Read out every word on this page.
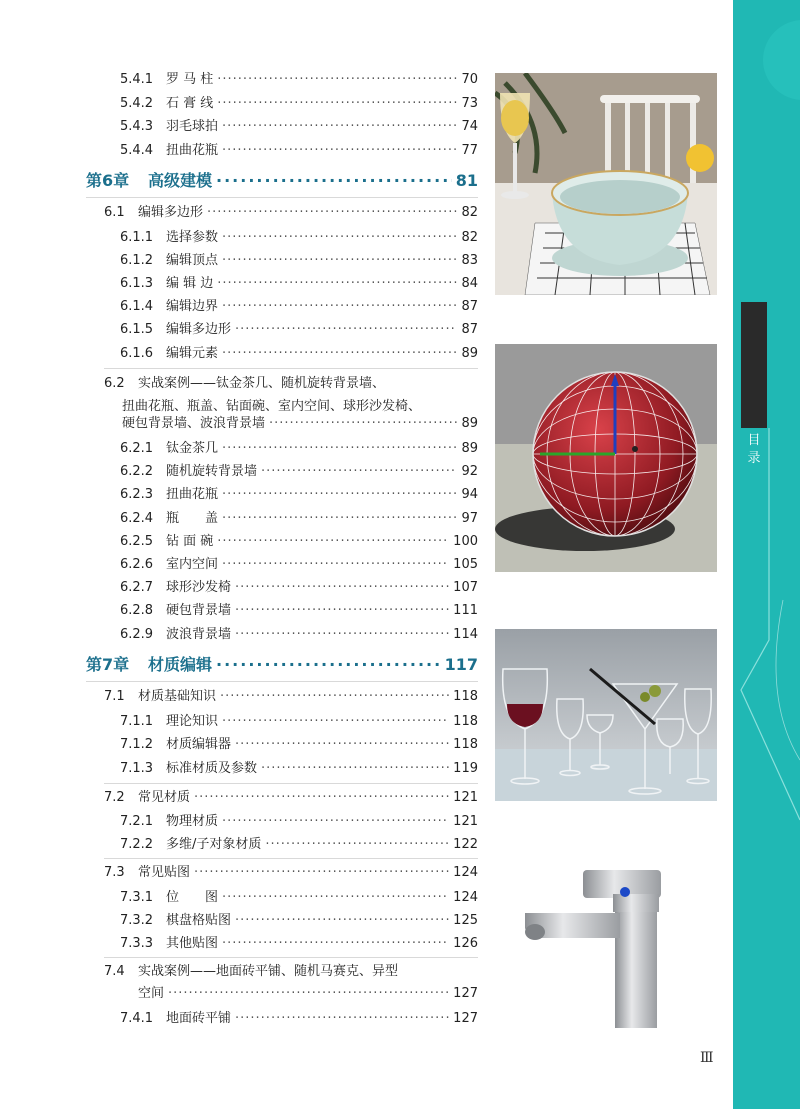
5.4.1 罗 马 柱 ·····	70
5.4.2 石 膏 线 ·····	73
5.4.3 羽毛球拍 ·····	74
5.4.4 扭曲花瓶 ·····	77
第6章	高级建模 ·····	81
6.1	编辑多边形 ·····	82
6.1.1 选择参数 ·····	82
6.1.2 编辑顶点 ·····	83
6.1.3 编 辑 边 ·····	84
6.1.4 编辑边界 ·····	87
6.1.5 编辑多边形 ·····	87
6.1.6 编辑元素 ·····	89
6.2 实战案例——钛金茶几、随机旋转背景墙、
扭曲花瓶、瓶盖、钻面碗、室内空间、球形沙发椅、
硬包背景墙、波浪背景墙 ·····	89
6.2.1 钛金茶几 ·····	89
6.2.2 随机旋转背景墙 ·····	92
6.2.3 扭曲花瓶 ·····	94
6.2.4 瓶　　盖 ·····	97
6.2.5 钻 面 碗 ·····	100
6.2.6 室内空间 ·····	105
6.2.7 球形沙发椅 ·····	107
6.2.8 硬包背景墙 ·····	111
6.2.9 波浪背景墙 ·····	114
第7章	材质编辑 ·····	117
7.1	材质基础知识 ·····	118
7.1.1 理论知识 ·····	118
7.1.2 材质编辑器 ·····	118
7.1.3 标准材质及参数 ·····	119
7.2	常见材质 ·····	121
7.2.1 物理材质 ·····	121
7.2.2 多维/子对象材质 ·····	122
7.3	常见贴图 ·····	124
7.3.1 位　　图 ·····	124
7.3.2 棋盘格贴图 ·····	125
7.3.3 其他贴图 ·····	126
7.4 实战案例——地面砖平铺、随机马赛克、异型
空间 ·····	127
7.4.1 地面砖平铺 ·····	127
目
录
Ⅲ
